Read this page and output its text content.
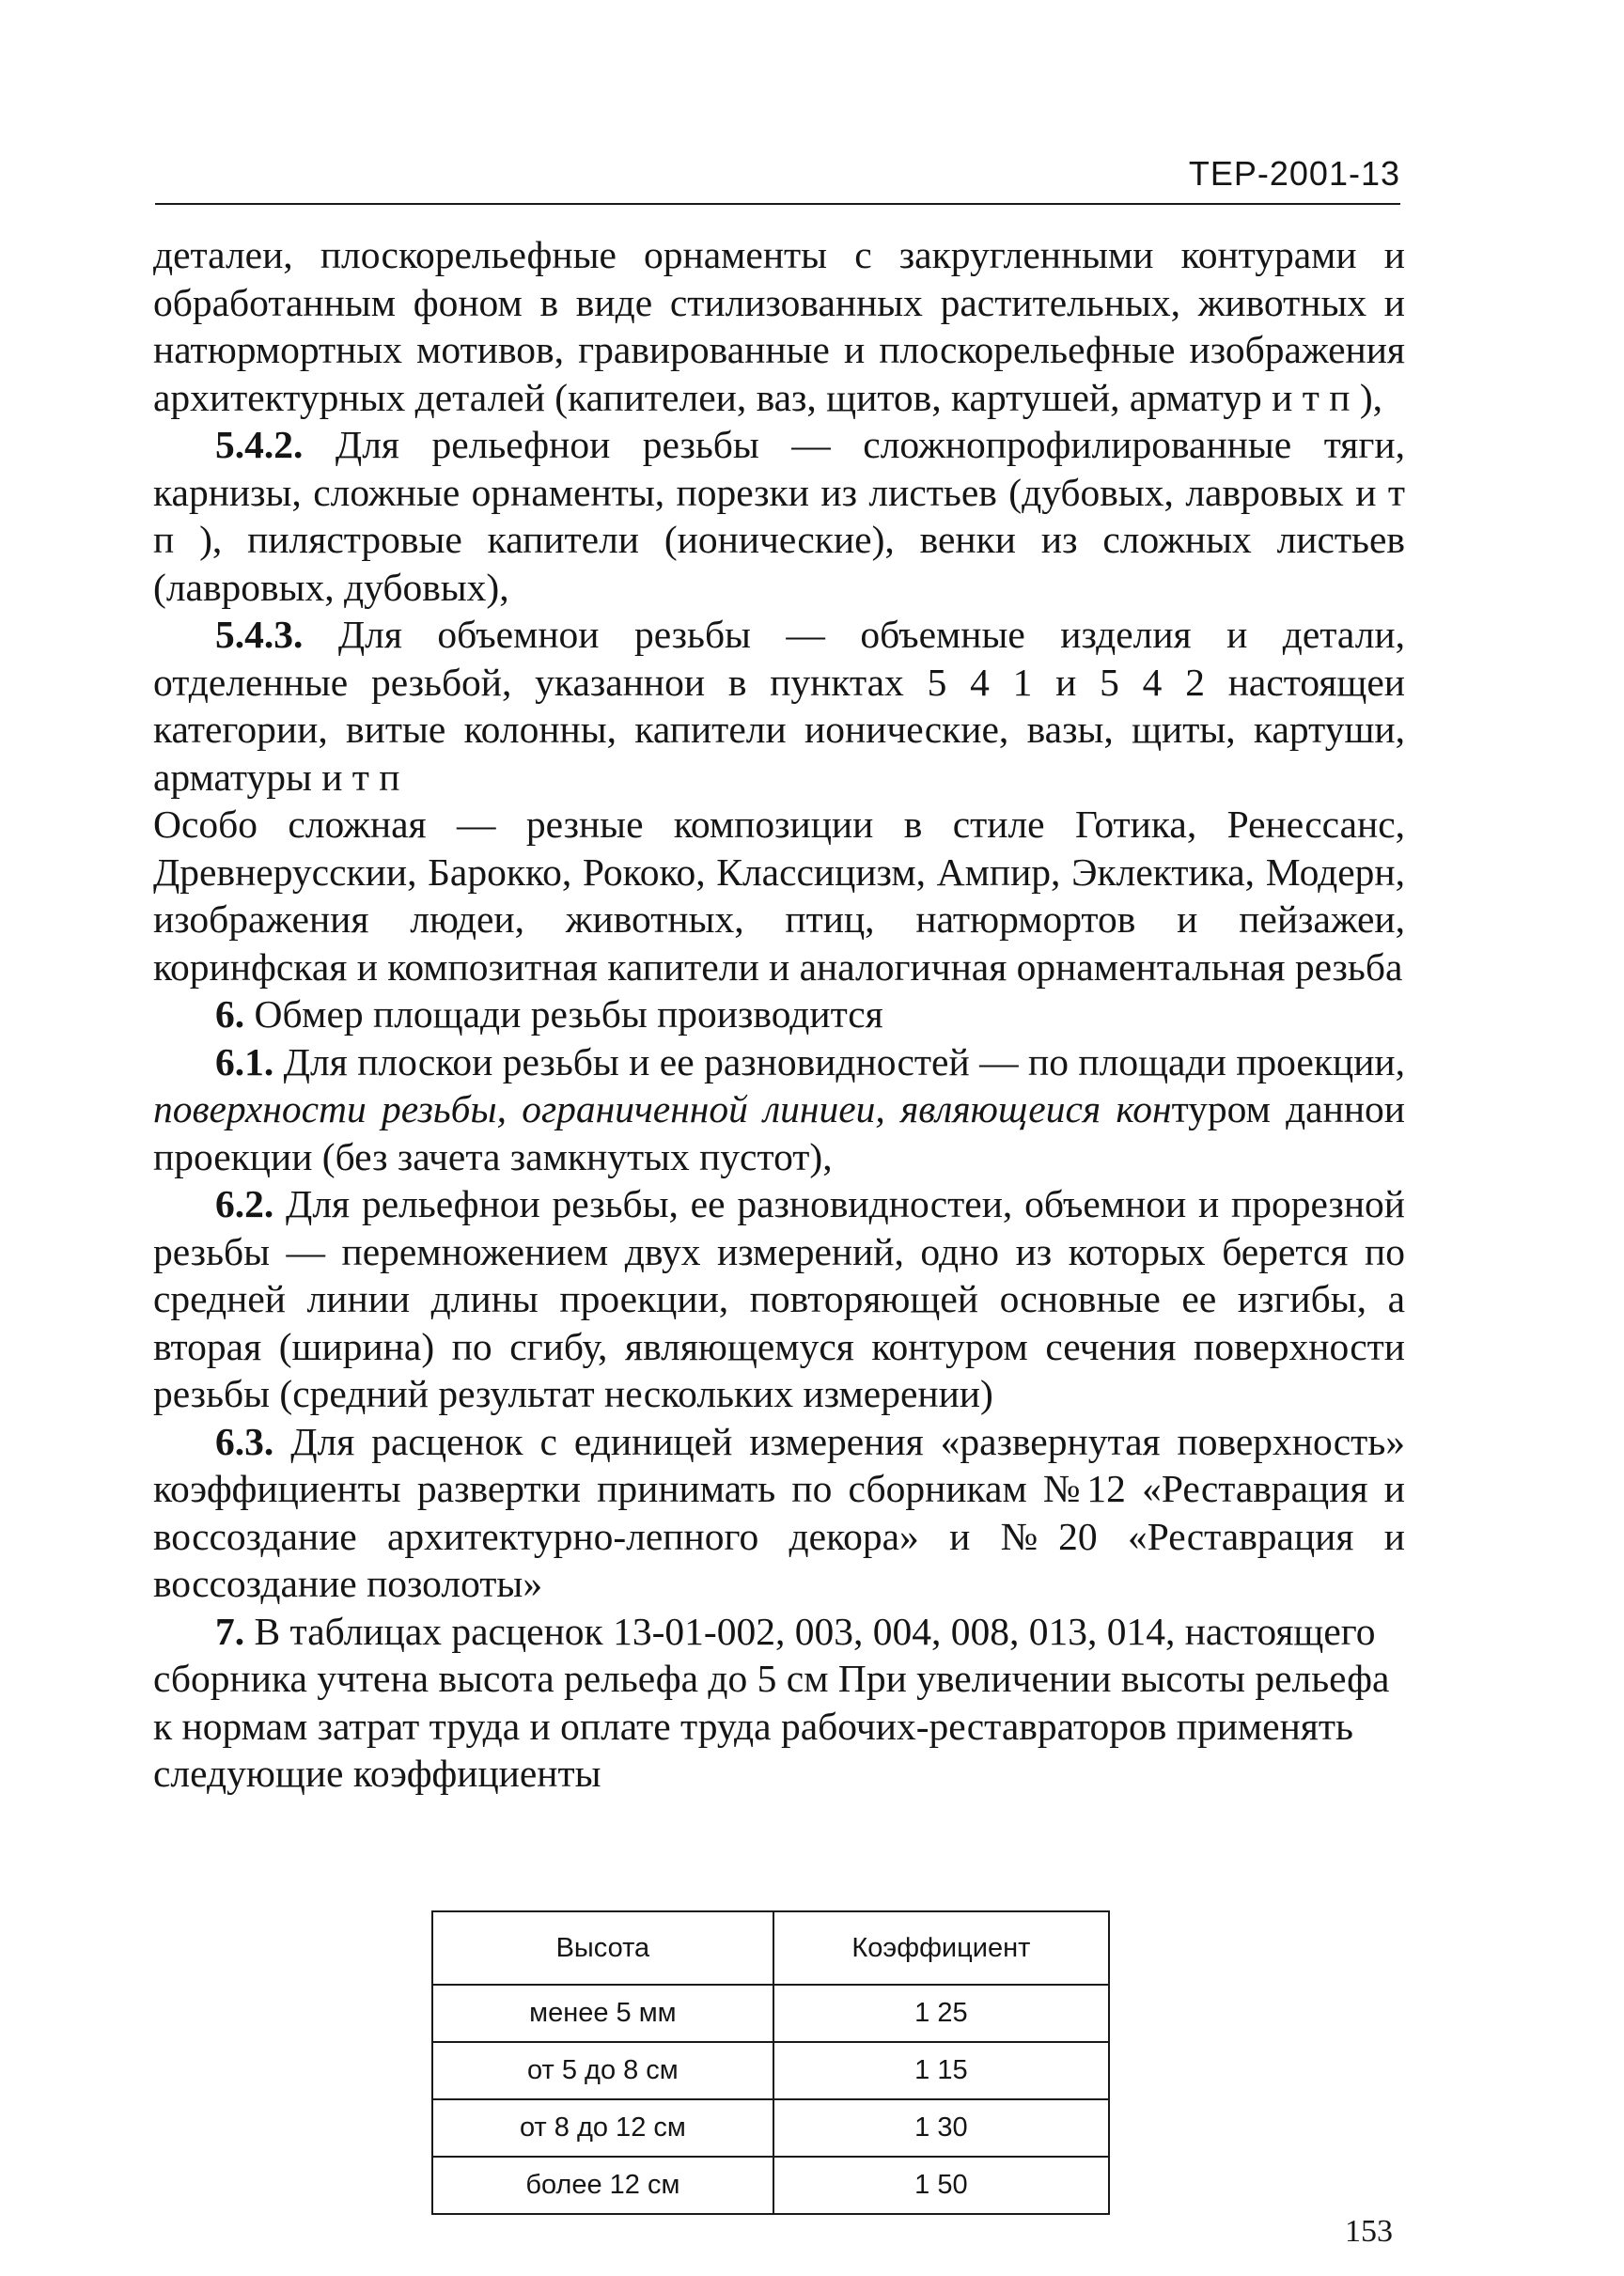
ТЕР-2001-13

деталеи, плоскорельефные орнаменты с закругленными контурами и обработанным фоном в виде стилизованных растительных, животных и натюрмортных мотивов, гравированные и плоскорельефные изображения архитектурных деталей (капителеи, ваз, щитов, картушей, арматур и т п ),

5.4.2. Для рельефнои резьбы — сложнопрофилированные тяги, карнизы, сложные орнаменты, порезки из листьев (дубовых, лавровых и т п ), пилястровые капители (ионические), венки из сложных листьев (лавровых, дубовых),

5.4.3. Для объемнои резьбы — объемные изделия и детали, отделенные резьбой, указаннои в пунктах 5 4 1 и 5 4 2 настоящеи категории, витые колонны, капители ионические, вазы, щиты, картуши, арматуры и т п

Особо сложная — резные композиции в стиле Готика, Ренессанс, Древнерусскии, Барокко, Рококо, Классицизм, Ампир, Эклектика, Модерн, изображения людеи, животных, птиц, натюрмортов и пейзажеи, коринфская и композитная капители и аналогичная орнаментальная резьба

6. Обмер площади резьбы производится

6.1. Для плоскои резьбы и ее разновидностей — по площади проекции, поверхности резьбы, ограниченной линиеи, являющеися контуром даннои проекции (без зачета замкнутых пустот),

6.2. Для рельефнои резьбы, ее разновидностеи, объемнои и прорезной резьбы — перемножением двух измерений, одно из которых берется по средней линии длины проекции, повторяющей основные ее изгибы, а вторая (ширина) по сгибу, являющемуся контуром сечения поверхности резьбы (средний результат нескольких измерении)

6.3. Для расценок с единицей измерения «развернутая поверхность» коэффициенты развертки принимать по сборникам №12 «Реставрация и воссоздание архитектурно-лепного декора» и №20 «Реставрация и воссоздание позолоты»

7. В таблицах расценок 13-01-002, 003, 004, 008, 013, 014, настоящего сборника учтена высота рельефа до 5 см При увеличении высоты рельефа к нормам затрат труда и оплате труда рабочих-реставраторов применять следующие коэффициенты

Высота	Коэффициент
менее 5 мм	1 25
от 5 до 8 см	1 15
от 8 до 12 см	1 30
более 12 см	1 50
153
